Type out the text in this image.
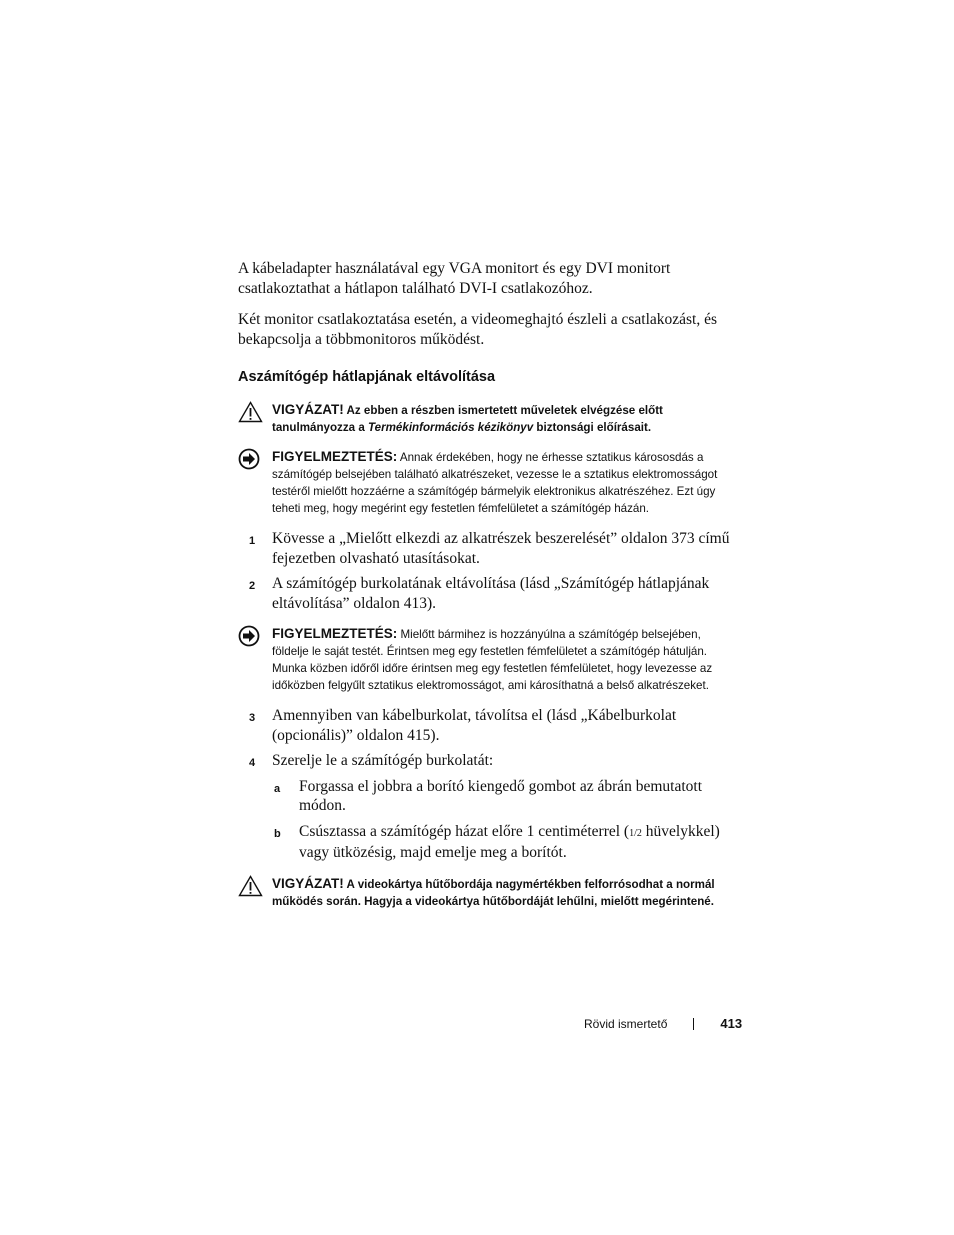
A kábeladapter használatával egy VGA monitort és egy DVI monitort csatlakoztathat a hátlapon található DVI-I csatlakozóhoz.

Két monitor csatlakoztatása esetén, a videomeghajtó észleli a csatlakozást, és bekapcsolja a többmonitoros működést.

Aszámítógép hátlapjának eltávolítása
VIGYÁZAT! Az ebben a részben ismertetett műveletek elvégzése előtt tanulmányozza a Termékinformációs kézikönyv biztonsági előírásait.
FIGYELMEZTETÉS: Annak érdekében, hogy ne érhesse sztatikus kárososdás a számítógép belsejében található alkatrészeket, vezesse le a sztatikus elektromosságot testéről mielőtt hozzáérne a számítógép bármelyik elektronikus alkatrészéhez. Ezt úgy teheti meg, hogy megérint egy festetlen fémfelületet a számítógép házán.
1 Kövesse a „Mielőtt elkezdi az alkatrészek beszerelését” oldalon 373 című fejezetben olvasható utasításokat.
2 A számítógép burkolatának eltávolítása (lásd „Számítógép hátlapjának eltávolítása” oldalon 413).
FIGYELMEZTETÉS: Mielőtt bármihez is hozzányúlna a számítógép belsejében, földelje le saját testét. Érintsen meg egy festetlen fémfelületet a számítógép hátulján. Munka közben időről időre érintsen meg egy festetlen fémfelületet, hogy levezesse az időközben felgyűlt sztatikus elektromosságot, ami károsíthatná a belső alkatrészeket.
3 Amennyiben van kábelburkolat, távolítsa el (lásd „Kábelburkolat (opcionális)” oldalon 415).
4 Szerelje le a számítógép burkolatát:
a Forgassa el jobbra a borító kiengedő gombot az ábrán bemutatott módon.
b Csúsztassa a számítógép házat előre 1 centiméterrel (1/2 hüvelykkel) vagy ütközésig, majd emelje meg a borítót.
VIGYÁZAT! A videokártya hűtőbordája nagymértékben felforrósodhat a normál működés során. Hagyja a videokártya hűtőbordáját lehűlni, mielőtt megérintené.
Rövid ismertető	413
